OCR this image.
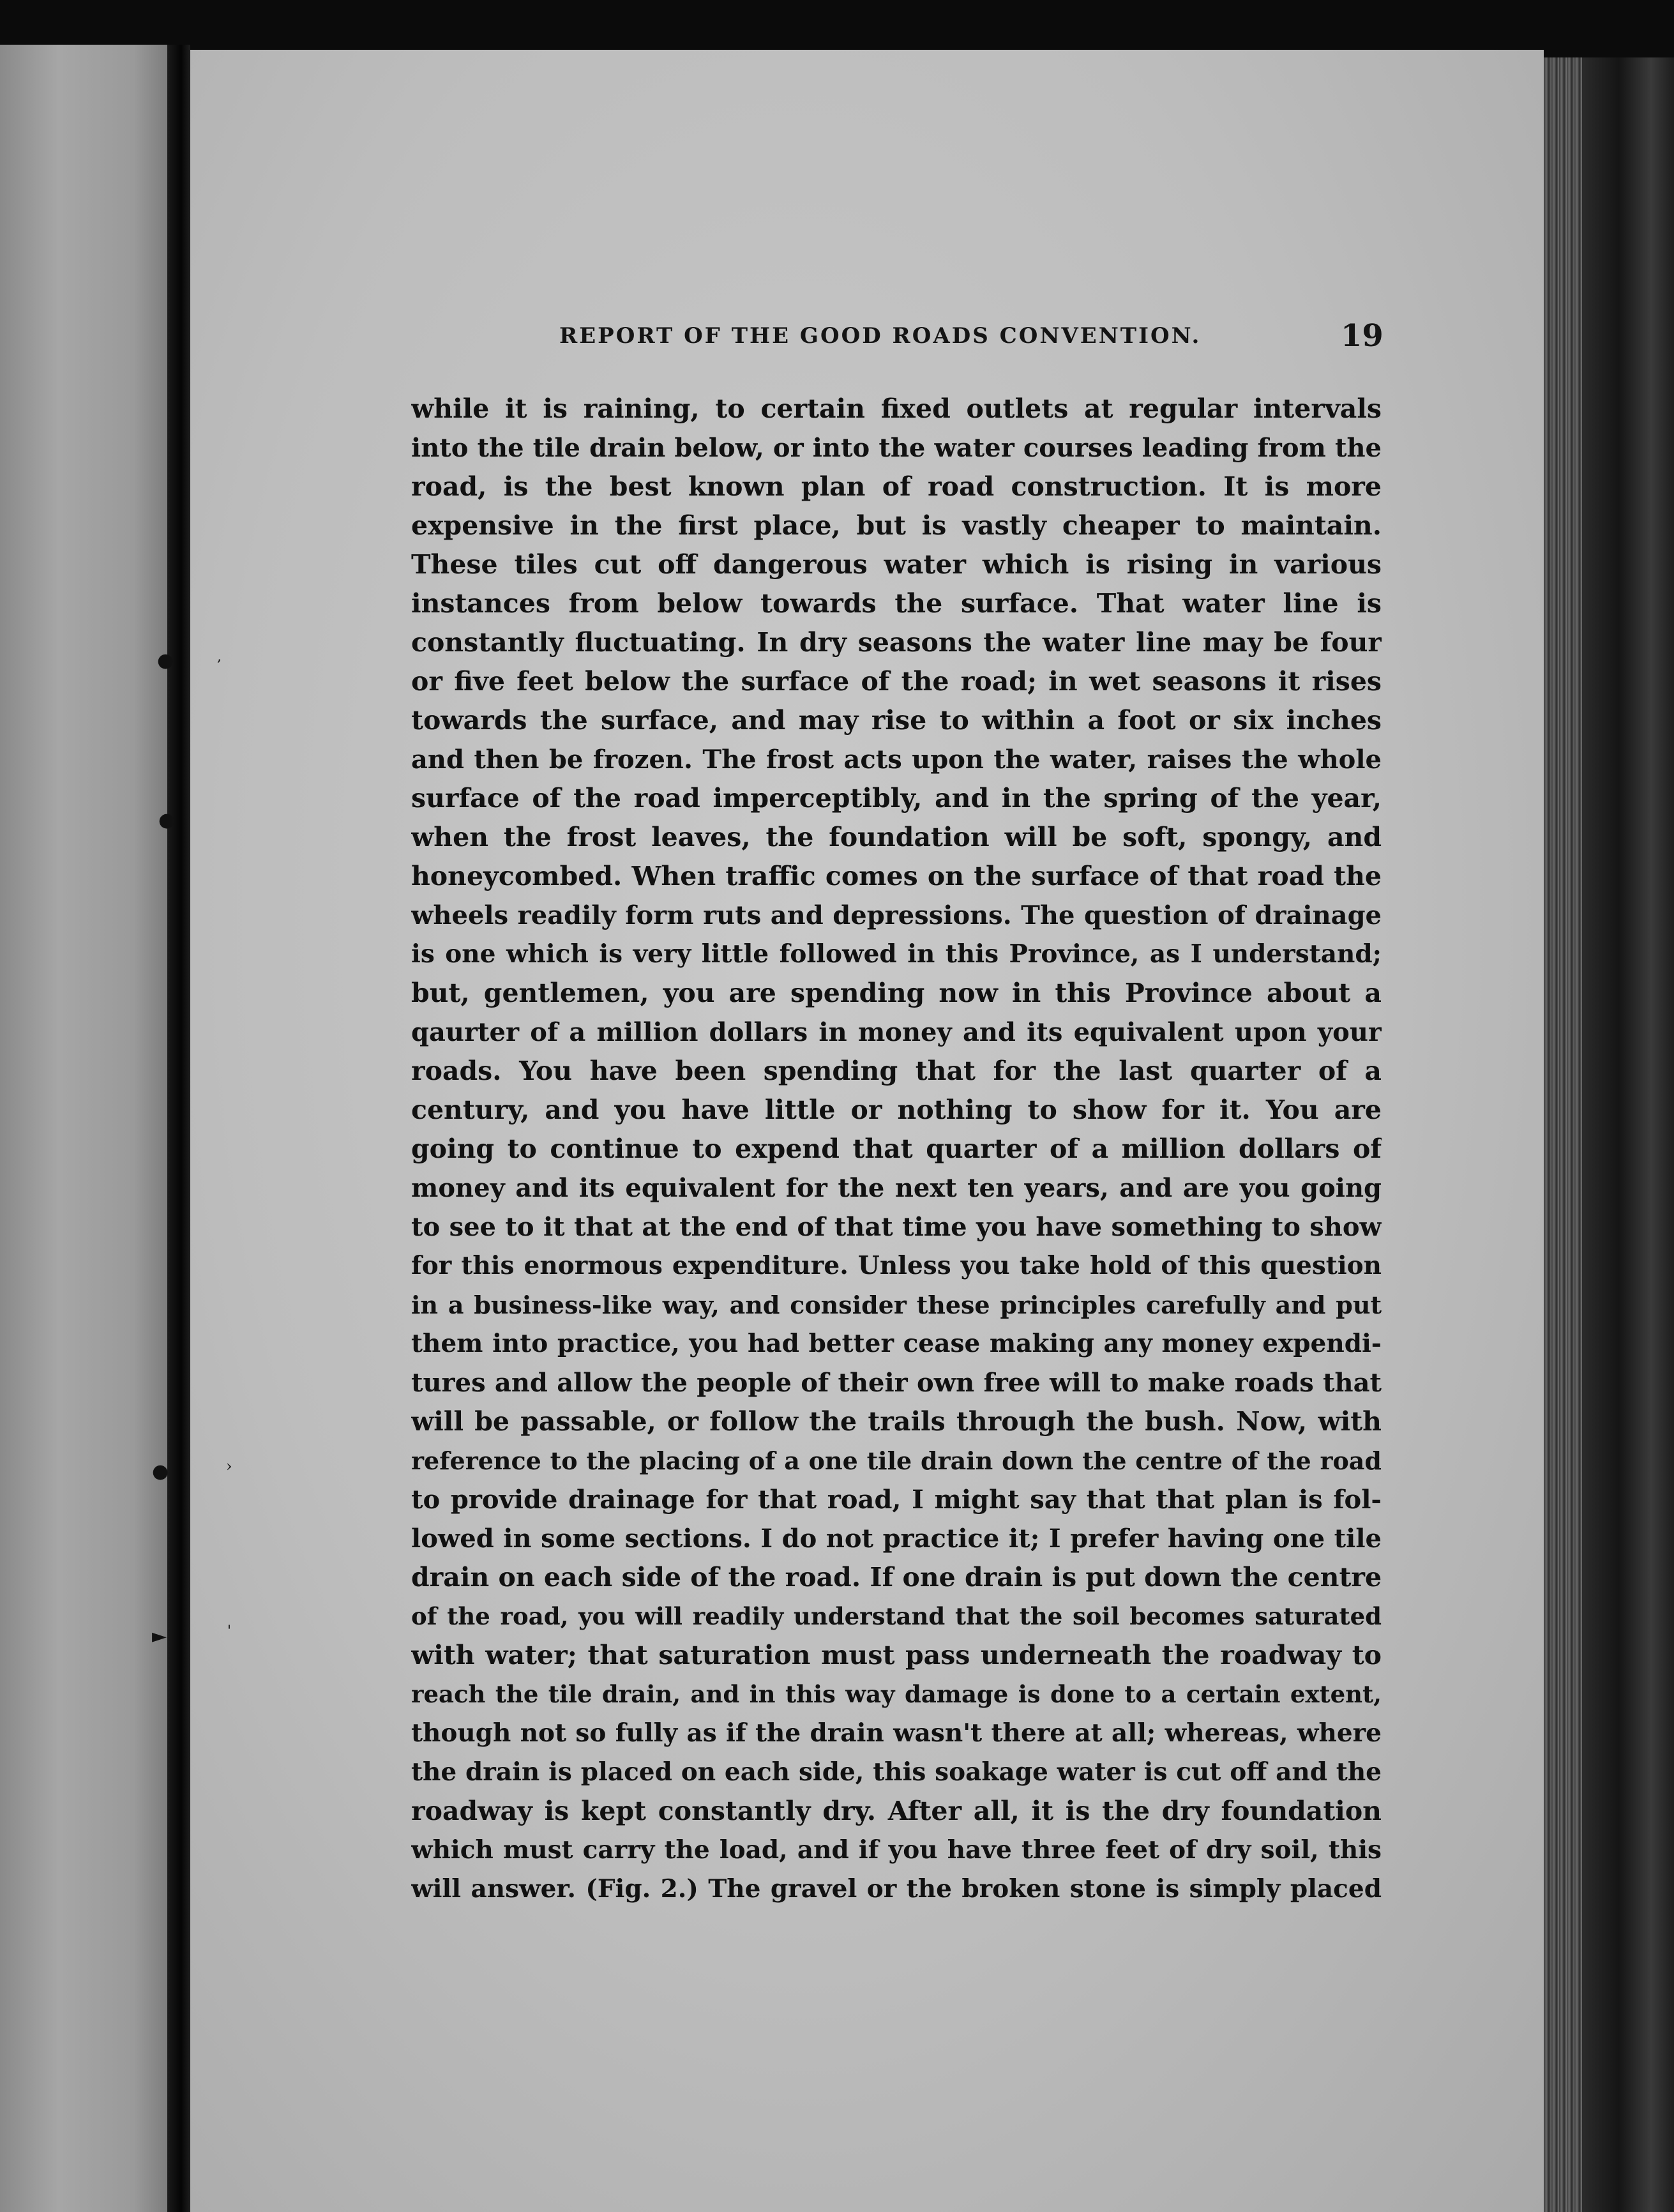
●	,
●
●	›
►	'
REPORT OF THE GOOD ROADS CONVENTION.	19
while it is raining, to certain fixed outlets at regular intervals
into the tile drain below, or into the water courses leading from the
road, is the best known plan of road construction. It is more
expensive in the first place, but is vastly cheaper to maintain.
These tiles cut off dangerous water which is rising in various
instances from below towards the surface. That water line is
constantly fluctuating. In dry seasons the water line may be four
or five feet below the surface of the road; in wet seasons it rises
towards the surface, and may rise to within a foot or six inches
and then be frozen. The frost acts upon the water, raises the whole
surface of the road imperceptibly, and in the spring of the year,
when the frost leaves, the foundation will be soft, spongy, and
honeycombed. When traffic comes on the surface of that road the
wheels readily form ruts and depressions. The question of drainage
is one which is very little followed in this Province, as I understand;
but, gentlemen, you are spending now in this Province about a
qaurter of a million dollars in money and its equivalent upon your
roads. You have been spending that for the last quarter of a
century, and you have little or nothing to show for it. You are
going to continue to expend that quarter of a million dollars of
money and its equivalent for the next ten years, and are you going
to see to it that at the end of that time you have something to show
for this enormous expenditure. Unless you take hold of this question
in a business-like way, and consider these principles carefully and put
them into practice, you had better cease making any money expendi-
tures and allow the people of their own free will to make roads that
will be passable, or follow the trails through the bush. Now, with
reference to the placing of a one tile drain down the centre of the road
to provide drainage for that road, I might say that that plan is fol-
lowed in some sections. I do not practice it; I prefer having one tile
drain on each side of the road. If one drain is put down the centre
of the road, you will readily understand that the soil becomes saturated
with water; that saturation must pass underneath the roadway to
reach the tile drain, and in this way damage is done to a certain extent,
though not so fully as if the drain wasn't there at all; whereas, where
the drain is placed on each side, this soakage water is cut off and the
roadway is kept constantly dry. After all, it is the dry foundation
which must carry the load, and if you have three feet of dry soil, this
will answer. (Fig. 2.) The gravel or the broken stone is simply placed
